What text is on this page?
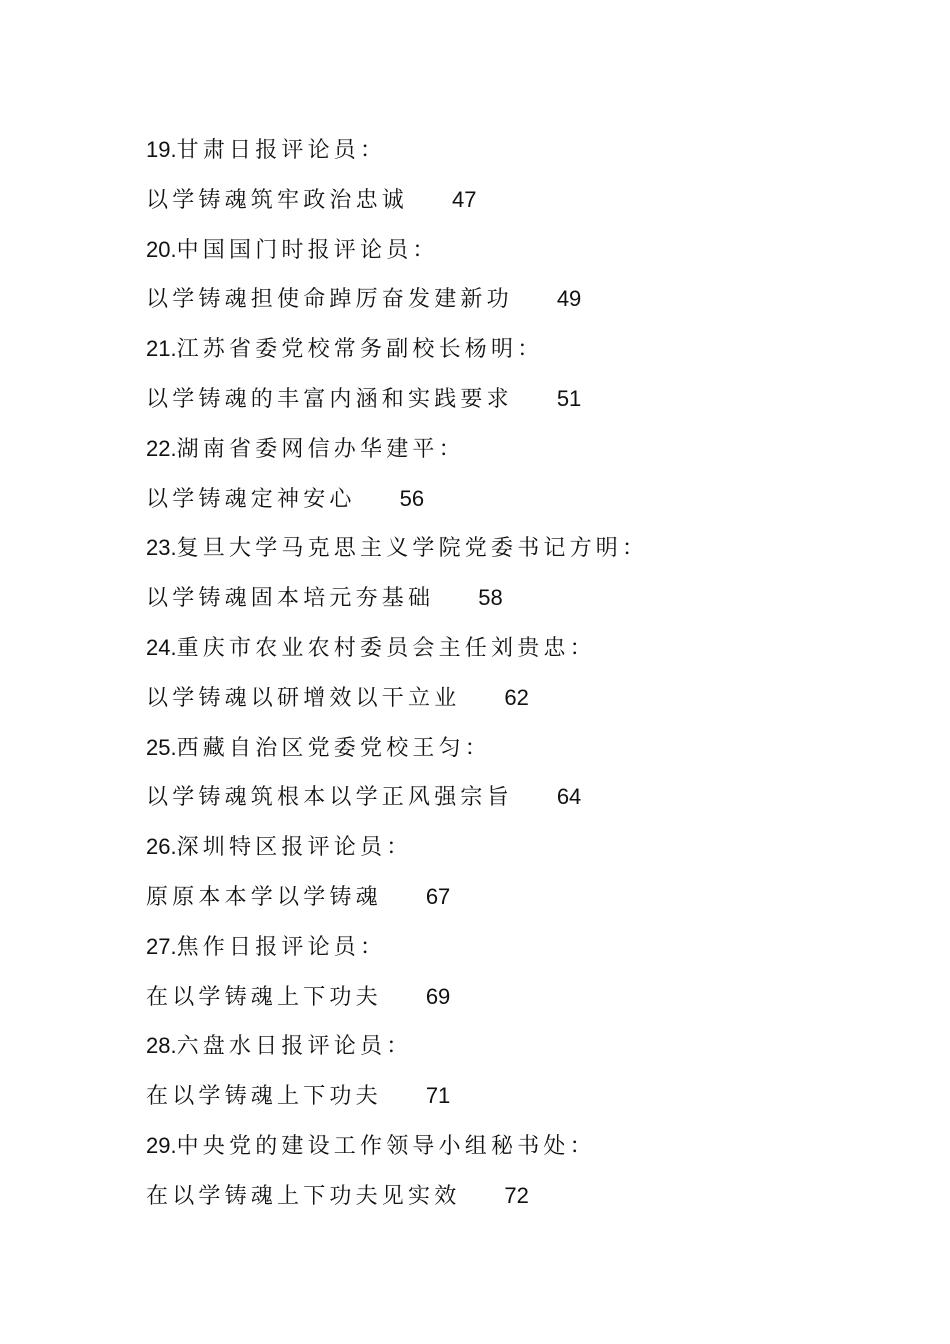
19.甘肃日报评论员：
以学铸魂筑牢政治忠诚 47
20.中国国门时报评论员：
以学铸魂担使命踔厉奋发建新功 49
21.江苏省委党校常务副校长杨明：
以学铸魂的丰富内涵和实践要求 51
22.湖南省委网信办华建平：
以学铸魂定神安心 56
23.复旦大学马克思主义学院党委书记方明：
以学铸魂固本培元夯基础 58
24.重庆市农业农村委员会主任刘贵忠：
以学铸魂以研增效以干立业 62
25.西藏自治区党委党校王匀：
以学铸魂筑根本以学正风强宗旨 64
26.深圳特区报评论员：
原原本本学以学铸魂 67
27.焦作日报评论员：
在以学铸魂上下功夫 69
28.六盘水日报评论员：
在以学铸魂上下功夫 71
29.中央党的建设工作领导小组秘书处：
在以学铸魂上下功夫见实效 72
